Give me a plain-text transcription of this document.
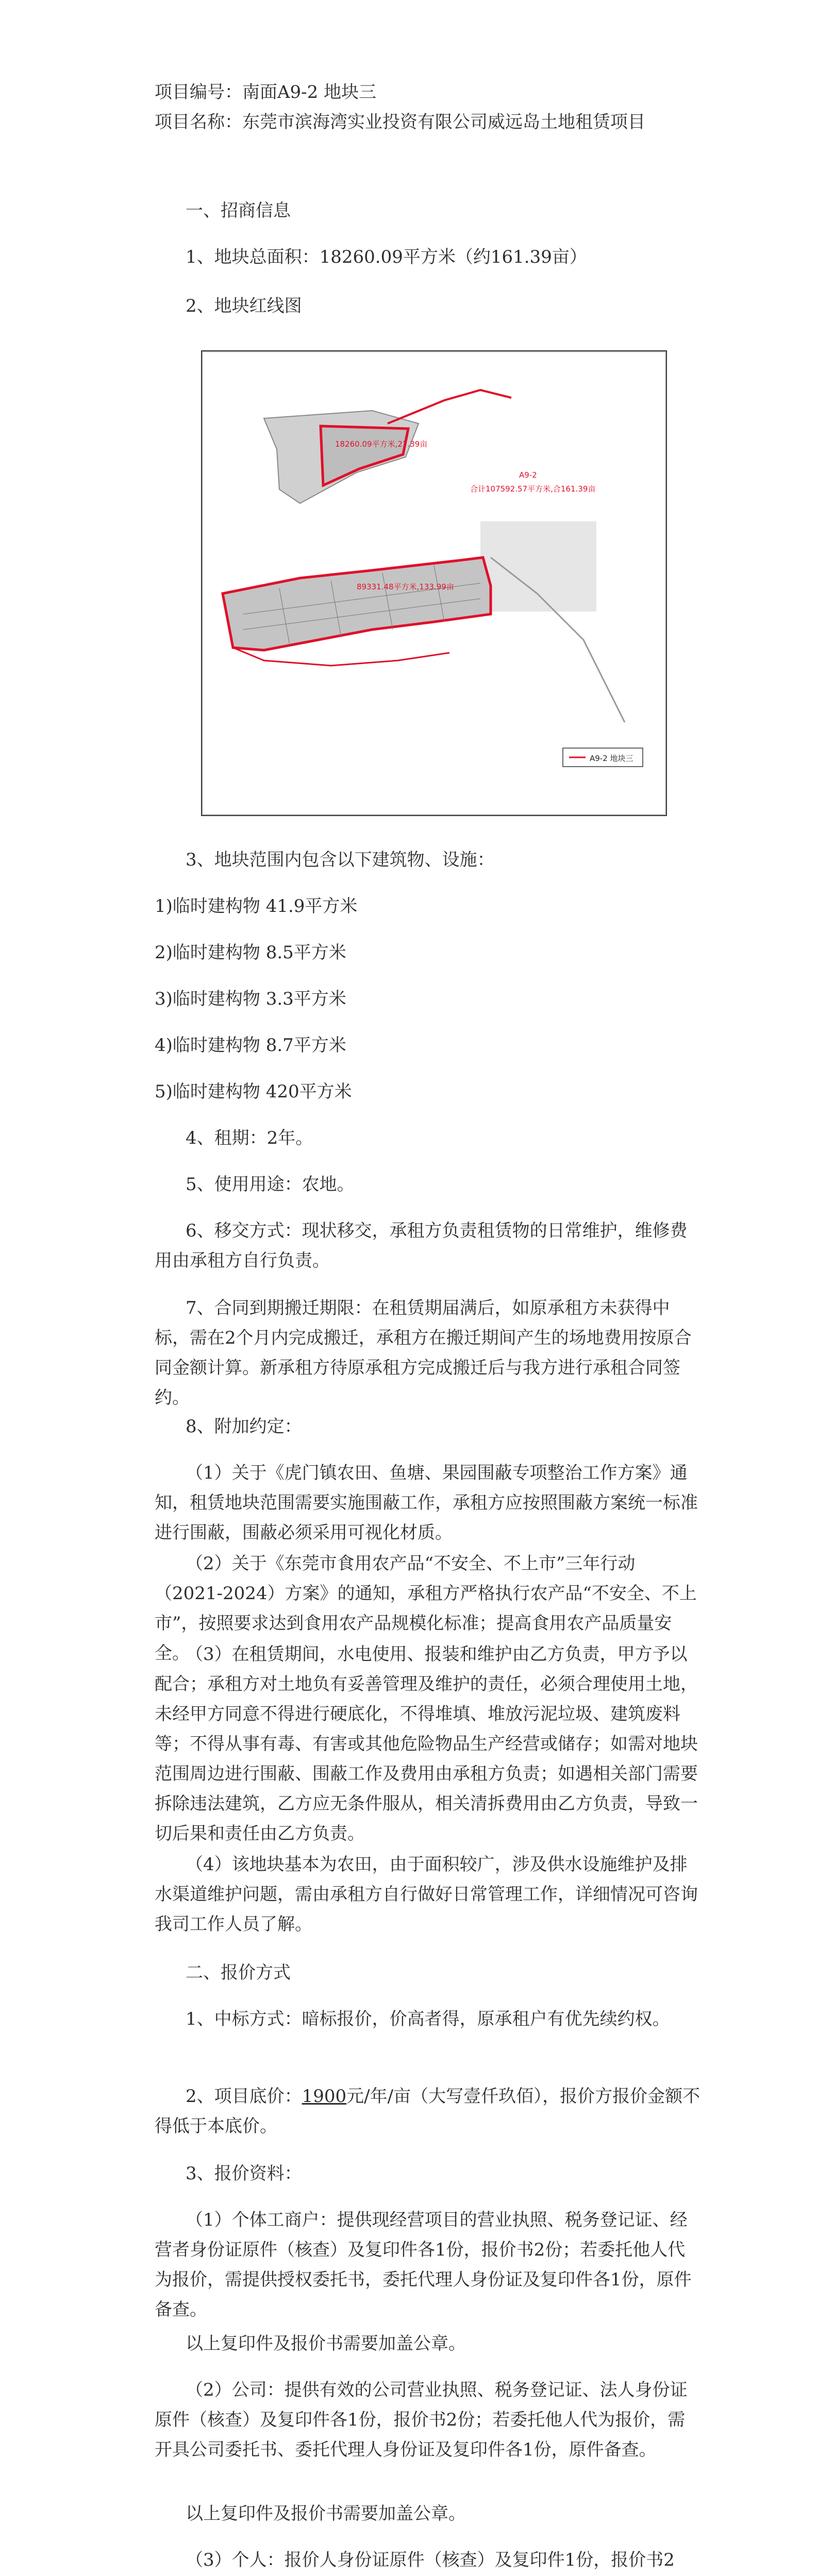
项目编号：南面A9-2 地块三

项目名称：东莞市滨海湾实业投资有限公司威远岛土地租赁项目

一、招商信息

1、地块总面积：18260.09平方米（约161.39亩）

2、地块红线图

18260.09平方米,27.39亩
A9-2
合计107592.57平方米,合161.39亩
89331.48平方米,133.99亩
A9-2 地块三

3、地块范围内包含以下建筑物、设施：

1)临时建构物 41.9平方米

2)临时建构物 8.5平方米

3)临时建构物 3.3平方米

4)临时建构物 8.7平方米

5)临时建构物 420平方米

4、租期：2年。

5、使用用途：农地。

6、移交方式：现状移交，承租方负责租赁物的日常维护，维修费用由承租方自行负责。

7、合同到期搬迁期限：在租赁期届满后，如原承租方未获得中标，需在2个月内完成搬迁，承租方在搬迁期间产生的场地费用按原合同金额计算。新承租方待原承租方完成搬迁后与我方进行承租合同签约。

8、附加约定：

（1）关于《虎门镇农田、鱼塘、果园围蔽专项整治工作方案》通知，租赁地块范围需要实施围蔽工作，承租方应按照围蔽方案统一标准进行围蔽，围蔽必须采用可视化材质。

（2）关于《东莞市食用农产品“不安全、不上市”三年行动（2021-2024）方案》的通知，承租方严格执行农产品“不安全、不上市”，按照要求达到食用农产品规模化标准；提高食用农产品质量安全。

（3）在租赁期间，水电使用、报装和维护由乙方负责，甲方予以配合；承租方对土地负有妥善管理及维护的责任，必须合理使用土地，未经甲方同意不得进行硬底化，不得堆填、堆放污泥垃圾、建筑废料等；不得从事有毒、有害或其他危险物品生产经营或储存；如需对地块范围周边进行围蔽、围蔽工作及费用由承租方负责；如遇相关部门需要拆除违法建筑，乙方应无条件服从，相关清拆费用由乙方负责，导致一切后果和责任由乙方负责。

（4）该地块基本为农田，由于面积较广，涉及供水设施维护及排水渠道维护问题，需由承租方自行做好日常管理工作，详细情况可咨询我司工作人员了解。

二、报价方式

1、中标方式：暗标报价，价高者得，原承租户有优先续约权。

2、项目底价：1900元/年/亩（大写壹仟玖佰），报价方报价金额不得低于本底价。

3、报价资料：

（1）个体工商户：提供现经营项目的营业执照、税务登记证、经营者身份证原件（核查）及复印件各1份，报价书2份；若委托他人代为报价，需提供授权委托书，委托代理人身份证及复印件各1份，原件备查。

以上复印件及报价书需要加盖公章。

（2）公司：提供有效的公司营业执照、税务登记证、法人身份证原件（核查）及复印件各1份，报价书2份；若委托他人代为报价，需开具公司委托书、委托代理人身份证及复印件各1份，原件备查。

以上复印件及报价书需要加盖公章。

（3）个人：报价人身份证原件（核查）及复印件1份，报价书2
